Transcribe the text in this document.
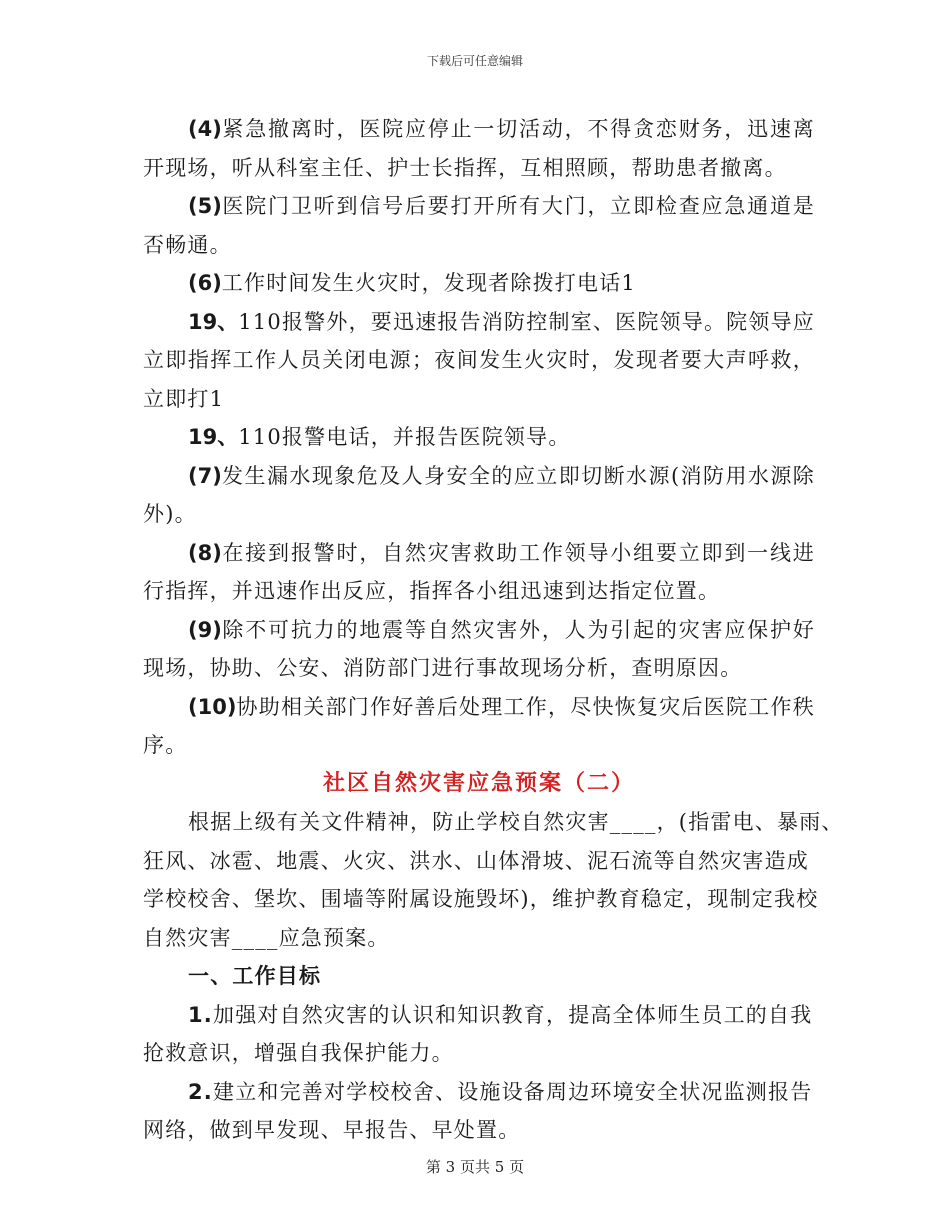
下载后可任意编辑

(4)紧急撤离时，医院应停止一切活动，不得贪恋财务，迅速离开现场，听从科室主任、护士长指挥，互相照顾，帮助患者撤离。

(5)医院门卫听到信号后要打开所有大门，立即检查应急通道是否畅通。

(6)工作时间发生火灾时，发现者除拨打电话1

19、110报警外，要迅速报告消防控制室、医院领导。院领导应立即指挥工作人员关闭电源；夜间发生火灾时，发现者要大声呼救，立即打1

19、110报警电话，并报告医院领导。

(7)发生漏水现象危及人身安全的应立即切断水源(消防用水源除外)。

(8)在接到报警时，自然灾害救助工作领导小组要立即到一线进行指挥，并迅速作出反应，指挥各小组迅速到达指定位置。

(9)除不可抗力的地震等自然灾害外，人为引起的灾害应保护好现场，协助、公安、消防部门进行事故现场分析，查明原因。

(10)协助相关部门作好善后处理工作，尽快恢复灾后医院工作秩序。

社区自然灾害应急预案（二）

根据上级有关文件精神，防止学校自然灾害____，(指雷电、暴雨、

狂风、冰雹、地震、火灾、洪水、山体滑坡、泥石流等自然灾害造成

学校校舍、堡坎、围墙等附属设施毁坏)，维护教育稳定，现制定我校

自然灾害____应急预案。

一、工作目标

1.加强对自然灾害的认识和知识教育，提高全体师生员工的自我

抢救意识，增强自我保护能力。

2.建立和完善对学校校舍、设施设备周边环境安全状况监测报告

网络，做到早发现、早报告、早处置。

第 3 页共 5 页
